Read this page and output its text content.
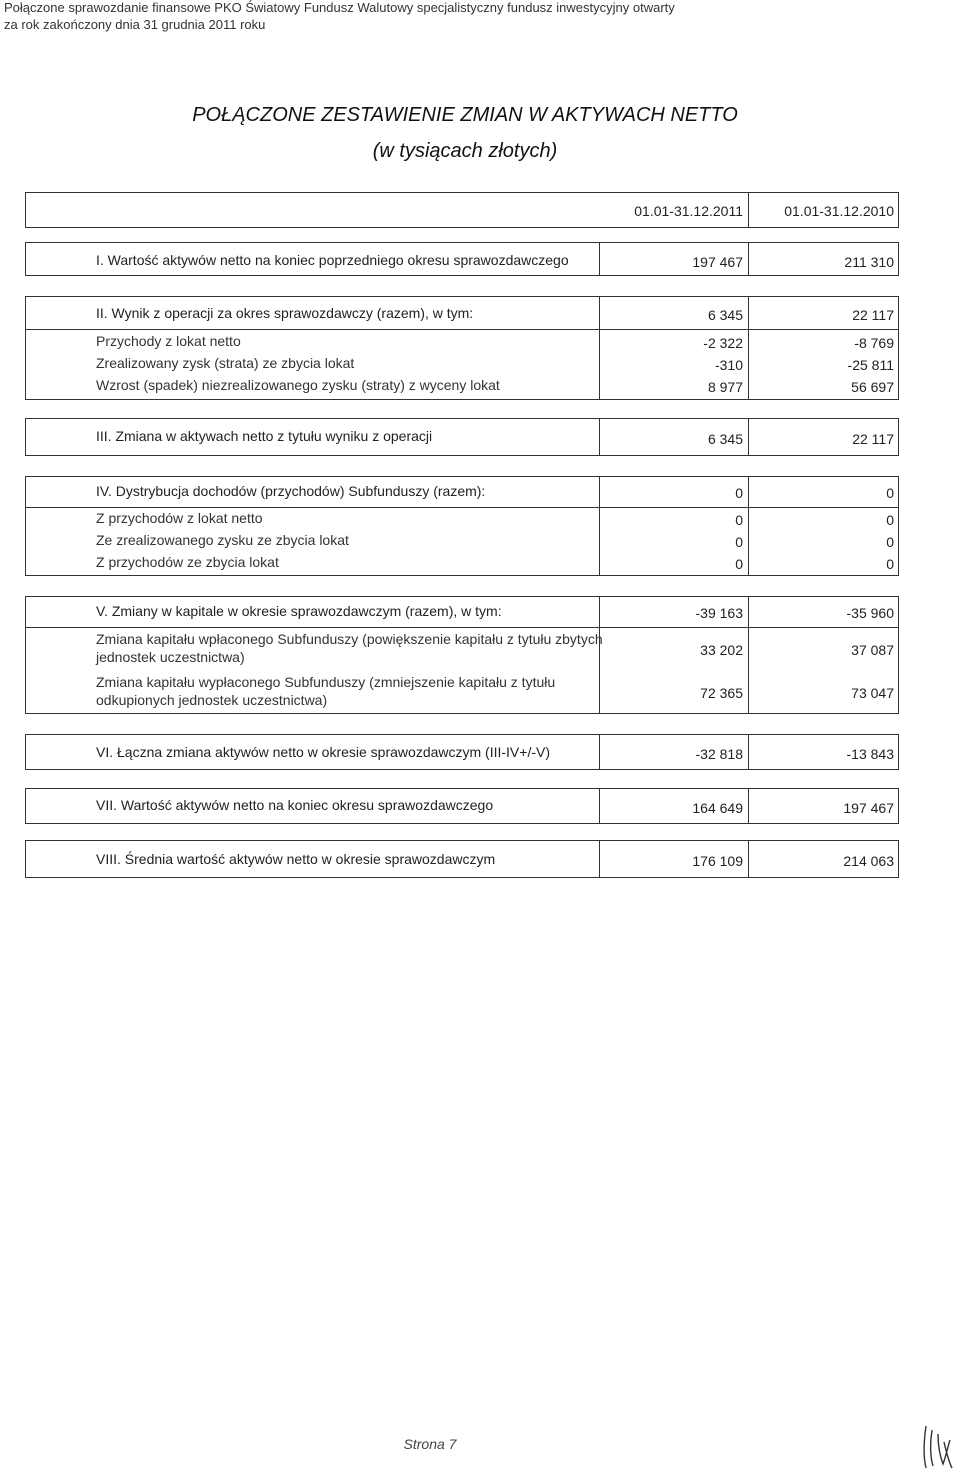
Połączone sprawozdanie finansowe PKO Światowy Fundusz Walutowy specjalistyczny fundusz inwestycyjny otwarty
za rok zakończony dnia 31 grudnia 2011 roku
POŁĄCZONE ZESTAWIENIE ZMIAN W AKTYWACH NETTO
(w tysiącach złotych)
01.01-31.12.2011	01.01-31.12.2010
I. Wartość aktywów netto na koniec poprzedniego okresu sprawozdawczego	197 467	211 310
II. Wynik z operacji za okres sprawozdawczy (razem), w tym:	6 345	22 117
Przychody z lokat netto	-2 322	-8 769
Zrealizowany zysk (strata) ze zbycia lokat	-310	-25 811
Wzrost (spadek) niezrealizowanego zysku (straty) z wyceny lokat	8 977	56 697
III. Zmiana w aktywach netto z tytułu wyniku z operacji	6 345	22 117
IV. Dystrybucja dochodów (przychodów) Subfunduszy (razem):	0	0
Z przychodów z lokat netto	0	0
Ze zrealizowanego zysku ze zbycia lokat	0	0
Z przychodów ze zbycia lokat	0	0
V. Zmiany w kapitale w okresie sprawozdawczym (razem), w tym:	-39 163	-35 960
Zmiana kapitału wpłaconego Subfunduszy (powiększenie kapitału z tytułu zbytych
jednostek uczestnictwa)	33 202	37 087
Zmiana kapitału wypłaconego Subfunduszy (zmniejszenie kapitału z tytułu
odkupionych jednostek uczestnictwa)	72 365	73 047
VI. Łączna zmiana aktywów netto w okresie sprawozdawczym (III-IV+/-V)	-32 818	-13 843
VII. Wartość aktywów netto na koniec okresu sprawozdawczego	164 649	197 467
VIII. Średnia wartość aktywów netto w okresie sprawozdawczym	176 109	214 063
Strona 7
